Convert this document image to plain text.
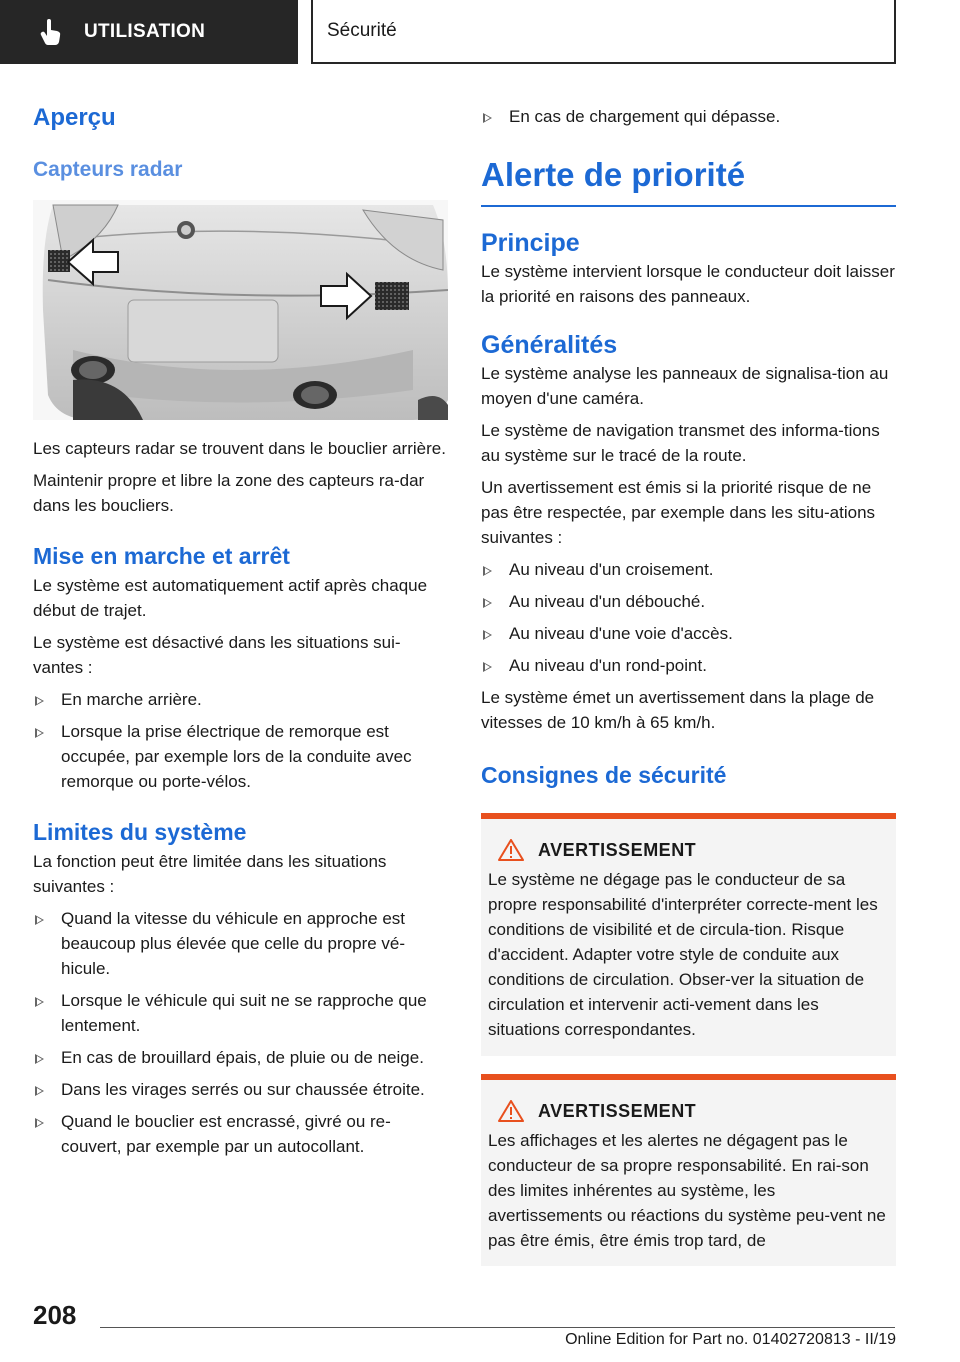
UTILISATION	Sécurité
Aperçu
Capteurs radar

Les capteurs radar se trouvent dans le bouclier arrière.

Maintenir propre et libre la zone des capteurs ra-dar dans les boucliers.

Mise en marche et arrêt

Le système est automatiquement actif après chaque début de trajet.

Le système est désactivé dans les situations sui-vantes :

En marche arrière.
Lorsque la prise électrique de remorque est occupée, par exemple lors de la conduite avec remorque ou porte-vélos.
Limites du système

La fonction peut être limitée dans les situations suivantes :

Quand la vitesse du véhicule en approche est beaucoup plus élevée que celle du propre vé-hicule.
Lorsque le véhicule qui suit ne se rapproche que lentement.
En cas de brouillard épais, de pluie ou de neige.
Dans les virages serrés ou sur chaussée étroite.
Quand le bouclier est encrassé, givré ou re-couvert, par exemple par un autocollant.
En cas de chargement qui dépasse.
Alerte de priorité
Principe

Le système intervient lorsque le conducteur doit laisser la priorité en raisons des panneaux.

Généralités

Le système analyse les panneaux de signalisa-tion au moyen d'une caméra.

Le système de navigation transmet des informa-tions au système sur le tracé de la route.

Un avertissement est émis si la priorité risque de ne pas être respectée, par exemple dans les situ-ations suivantes :

Au niveau d'un croisement.
Au niveau d'un débouché.
Au niveau d'une voie d'accès.
Au niveau d'un rond-point.

Le système émet un avertissement dans la plage de vitesses de 10 km/h à 65 km/h.

Consignes de sécurité
AVERTISSEMENT

Le système ne dégage pas le conducteur de sa propre responsabilité d'interpréter correcte-ment les conditions de visibilité et de circula-tion. Risque d'accident. Adapter votre style de conduite aux conditions de circulation. Obser-ver la situation de circulation et intervenir acti-vement dans les situations correspondantes.

AVERTISSEMENT

Les affichages et les alertes ne dégagent pas le conducteur de sa propre responsabilité. En rai-son des limites inhérentes au système, les avertissements ou réactions du système peu-vent ne pas être émis, être émis trop tard, de

208
Online Edition for Part no. 01402720813 - II/19
